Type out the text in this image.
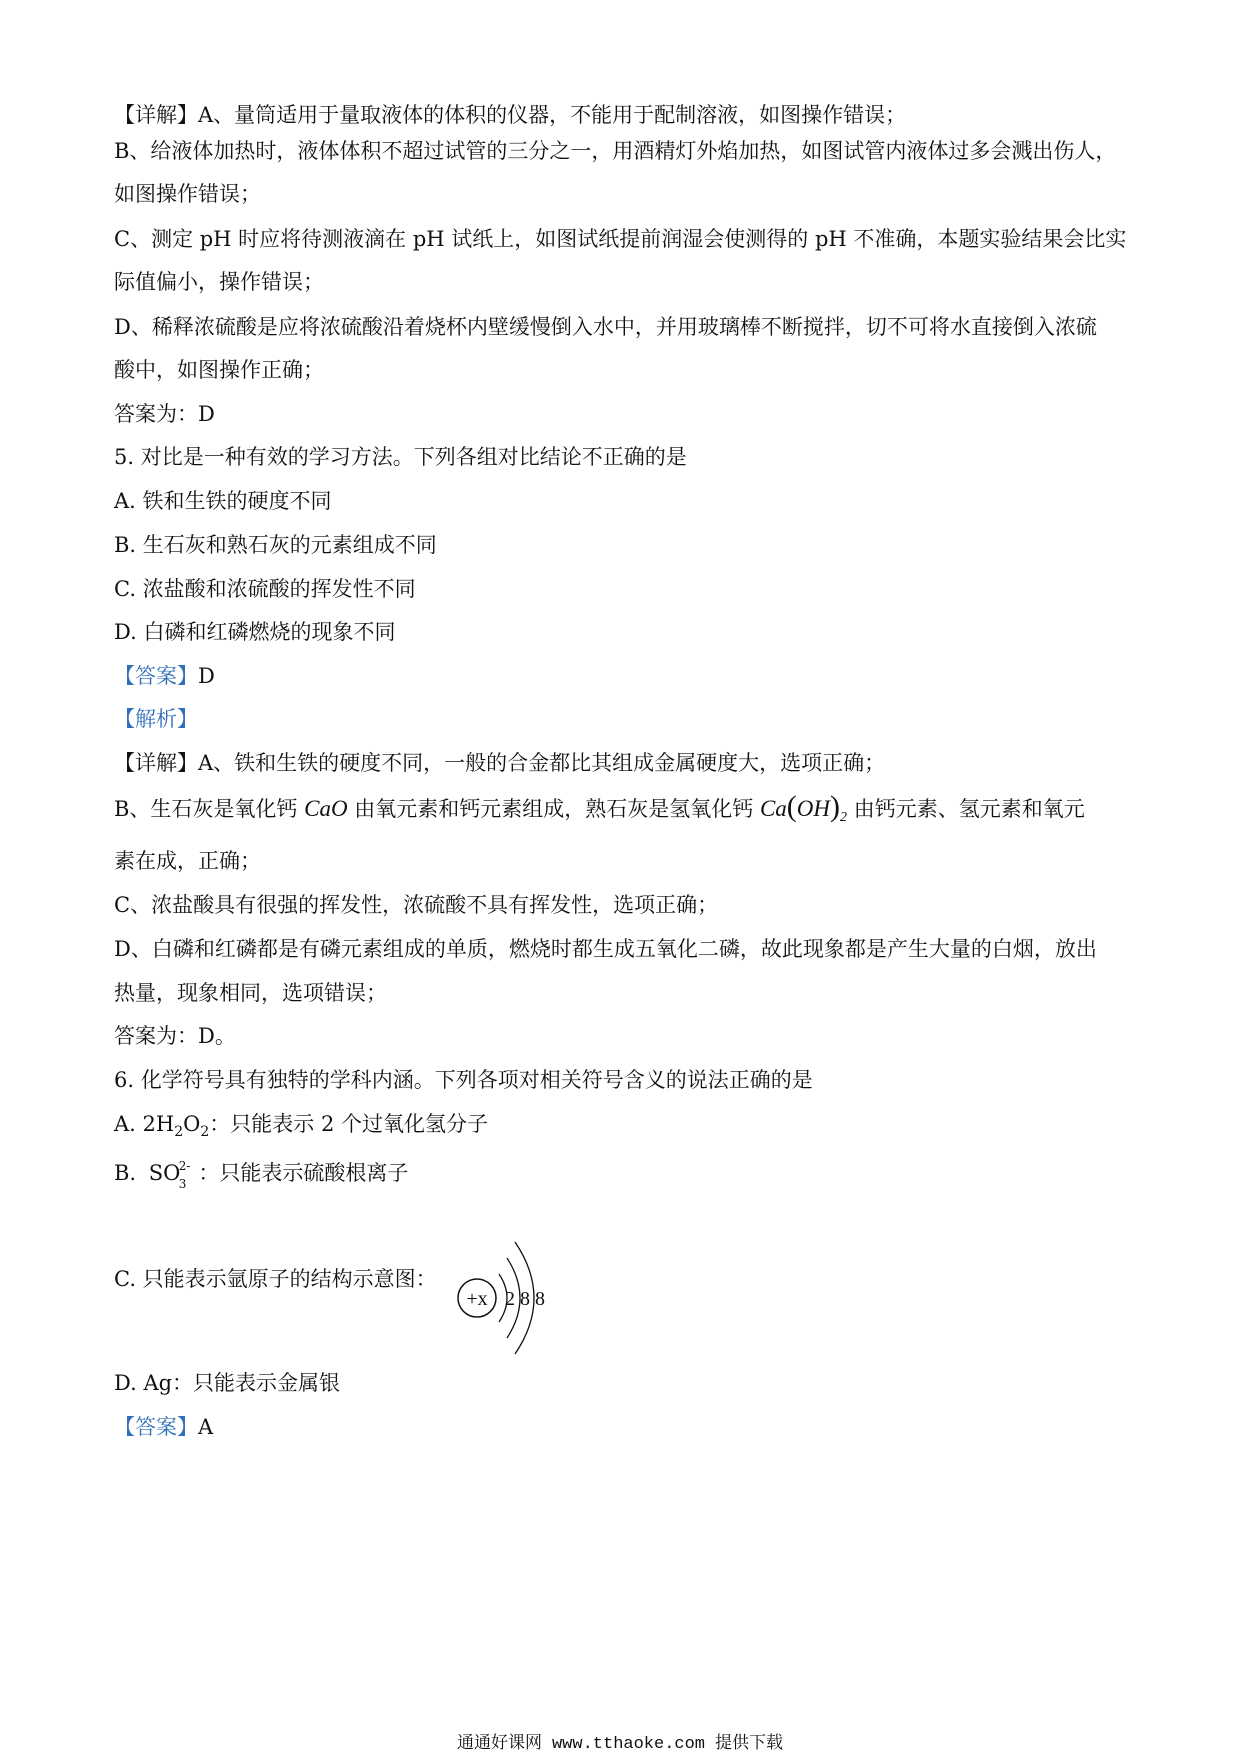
【详解】A、量筒适用于量取液体的体积的仪器，不能用于配制溶液，如图操作错误；
B、给液体加热时，液体体积不超过试管的三分之一，用酒精灯外焰加热，如图试管内液体过多会溅出伤人，
如图操作错误；
C、测定 pH 时应将待测液滴在 pH 试纸上，如图试纸提前润湿会使测得的 pH 不准确，本题实验结果会比实
际值偏小，操作错误；
D、稀释浓硫酸是应将浓硫酸沿着烧杯内壁缓慢倒入水中，并用玻璃棒不断搅拌，切不可将水直接倒入浓硫
酸中，如图操作正确；
答案为：D
5. 对比是一种有效的学习方法。下列各组对比结论不正确的是
A. 铁和生铁的硬度不同
B. 生石灰和熟石灰的元素组成不同
C. 浓盐酸和浓硫酸的挥发性不同
D. 白磷和红磷燃烧的现象不同
【答案】D
【解析】
【详解】A、铁和生铁的硬度不同，一般的合金都比其组成金属硬度大，选项正确；
B、生石灰是氧化钙 CaO 由氧元素和钙元素组成，熟石灰是氢氧化钙 $Ca(OH)_2$ 由钙元素、氢元素和氧元
素在成，正确；
C、浓盐酸具有很强的挥发性，浓硫酸不具有挥发性，选项正确；
D、白磷和红磷都是有磷元素组成的单质，燃烧时都生成五氧化二磷，故此现象都是产生大量的白烟，放出
热量，现象相同，选项错误；
答案为：D。
6. 化学符号具有独特的学科内涵。下列各项对相关符号含义的说法正确的是
A. $2H_2O_2$：只能表示 2 个过氧化氢分子
B. SO
2-
3 ：只能表示硫酸根离子
C. 只能表示氩原子的结构示意图：
D. Ag：只能表示金属银
【答案】A
+x 2 8 8
通通好课网 www.tthaoke.com 提供下载
